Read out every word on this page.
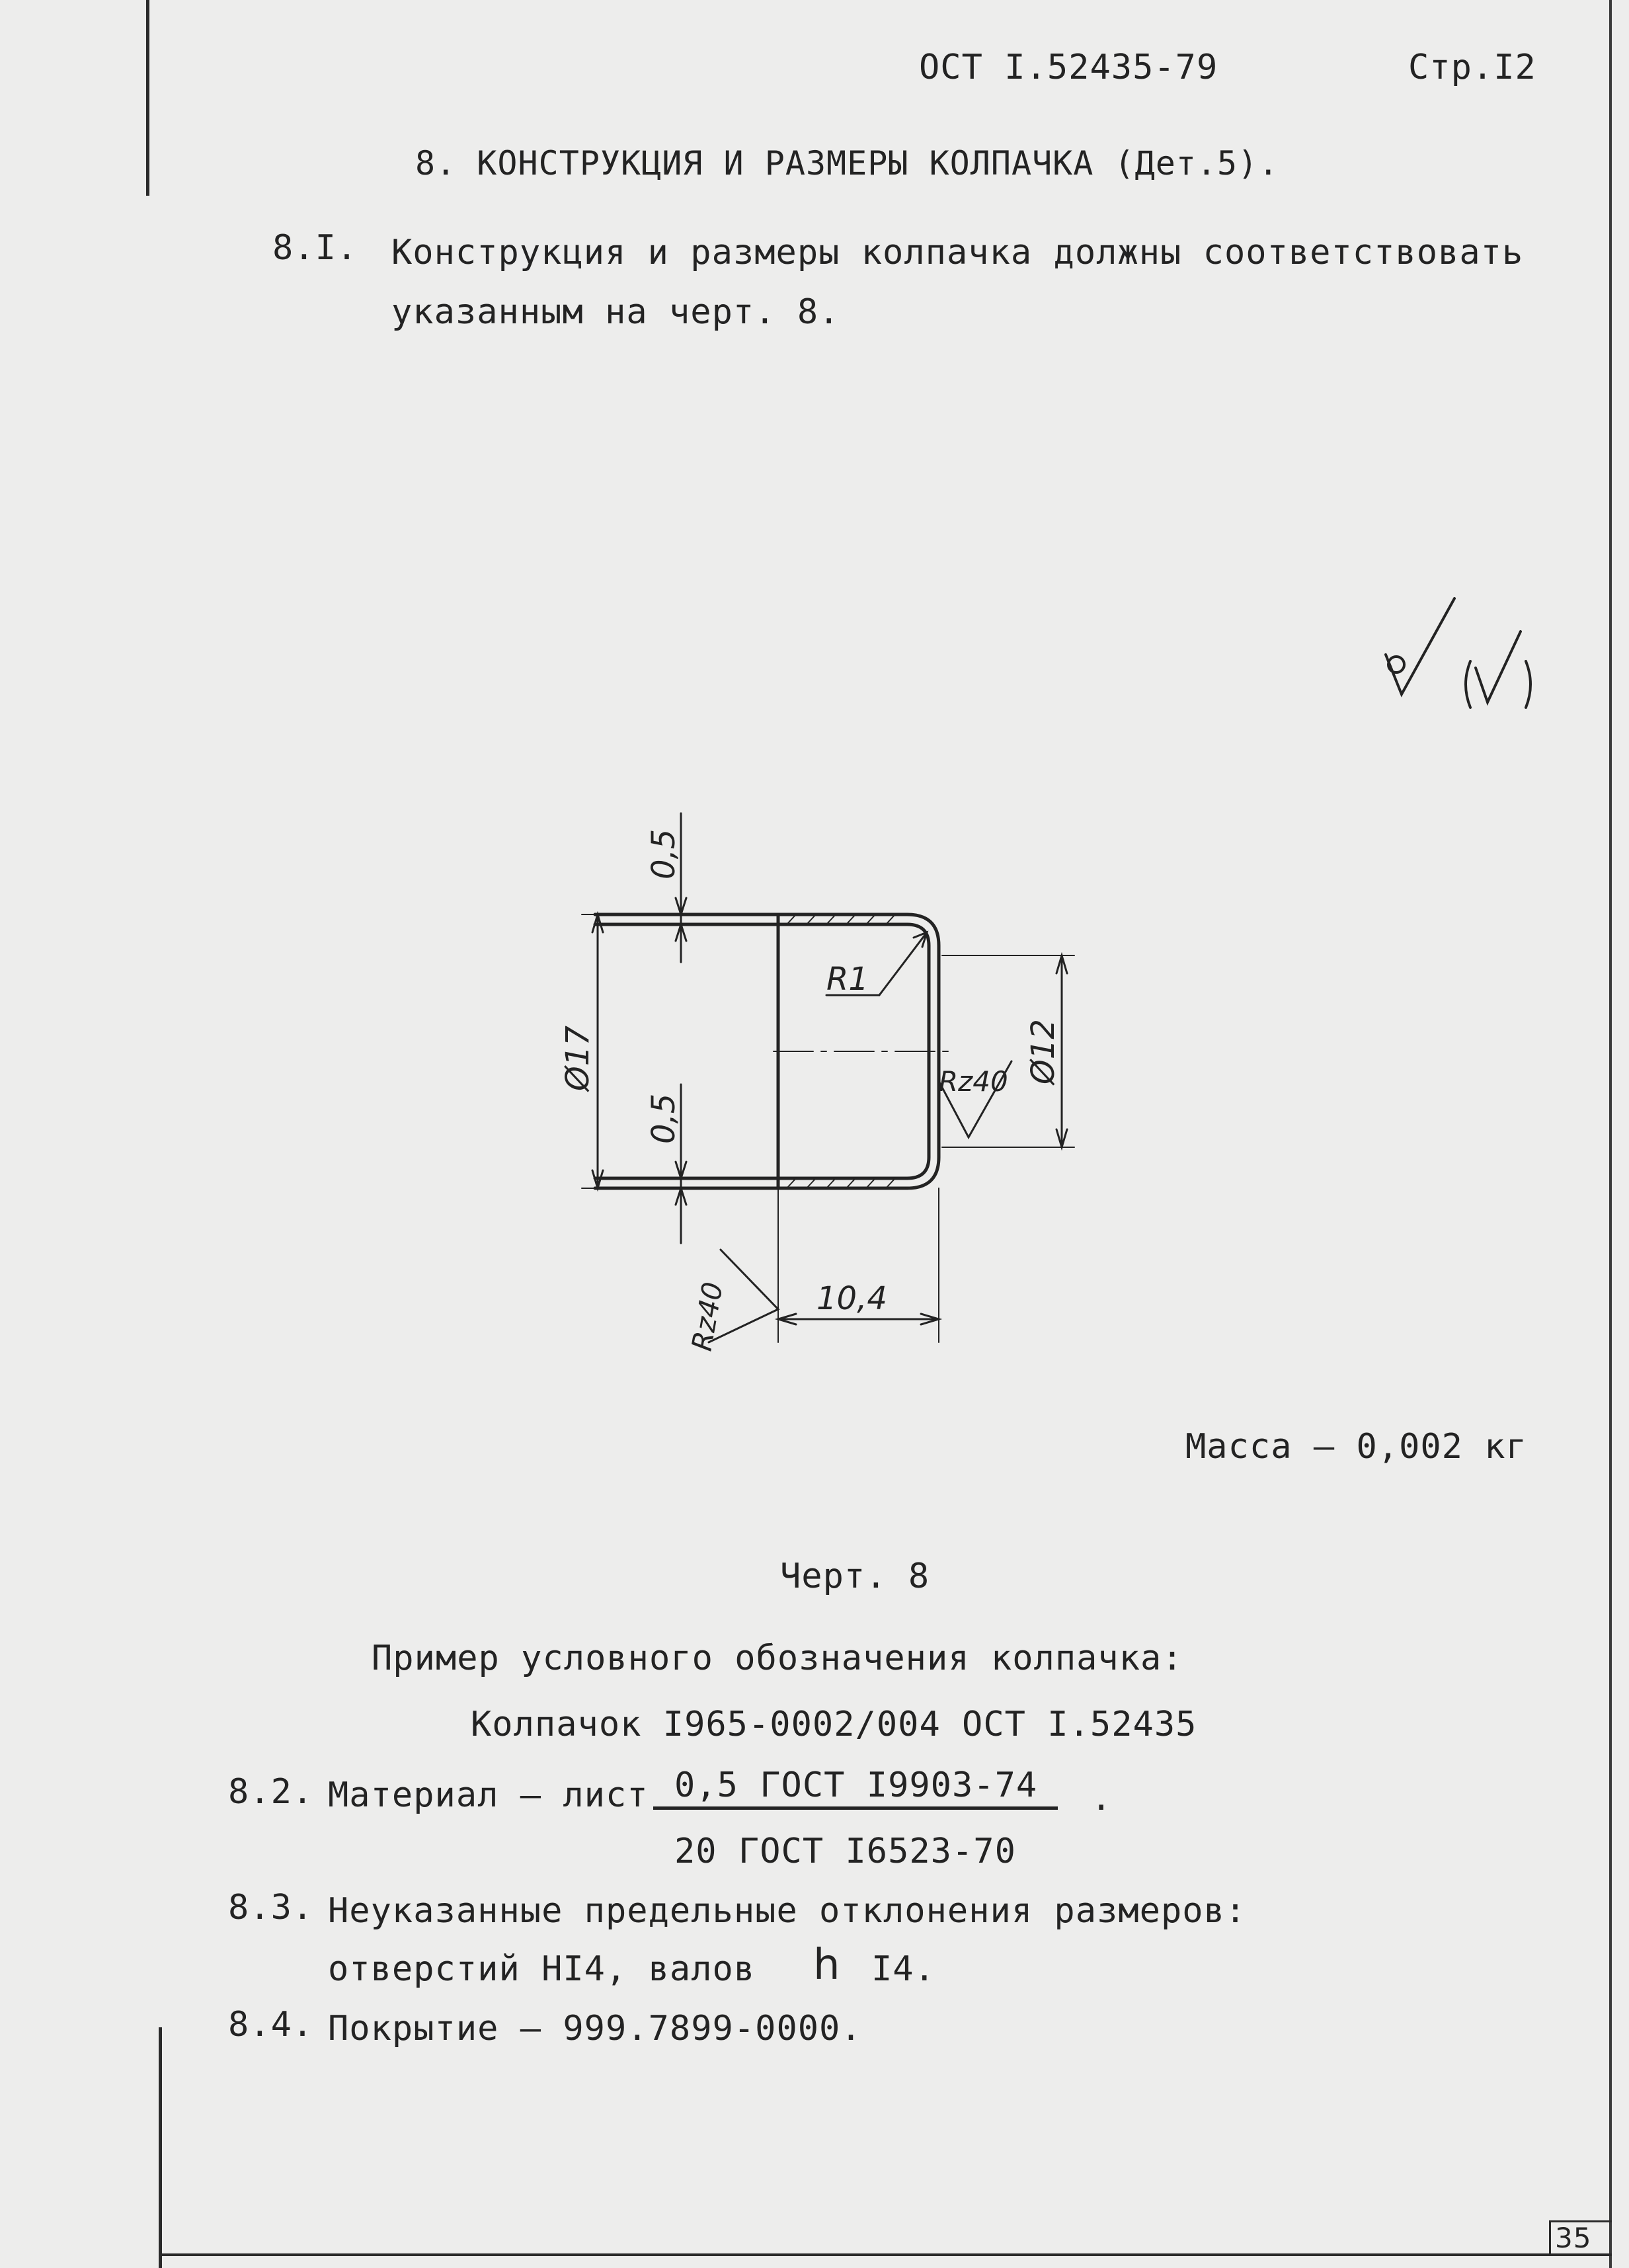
ОСТ I.52435-79	Стр.I2
8. КОНСТРУКЦИЯ И РАЗМЕРЫ КОЛПАЧКА (Дет.5).
8.I. Конструкция и размеры колпачка должны соответствовать
указанным на черт. 8.
0,5
0,5
Ø17	Ø12
R1
Rz40
Rz40	10,4
Масса – 0,002 кг
Черт. 8
Пример условного обозначения колпачка:
Колпачок I965-0002/004 ОСТ I.52435
8.2. Материал – лист 0,5 ГОСТ I9903-74 .
20 ГОСТ I6523-70
8.3. Неуказанные предельные отклонения размеров:
отверстий HI4, валов h I4.
8.4. Покрытие – 999.7899-0000.
35
